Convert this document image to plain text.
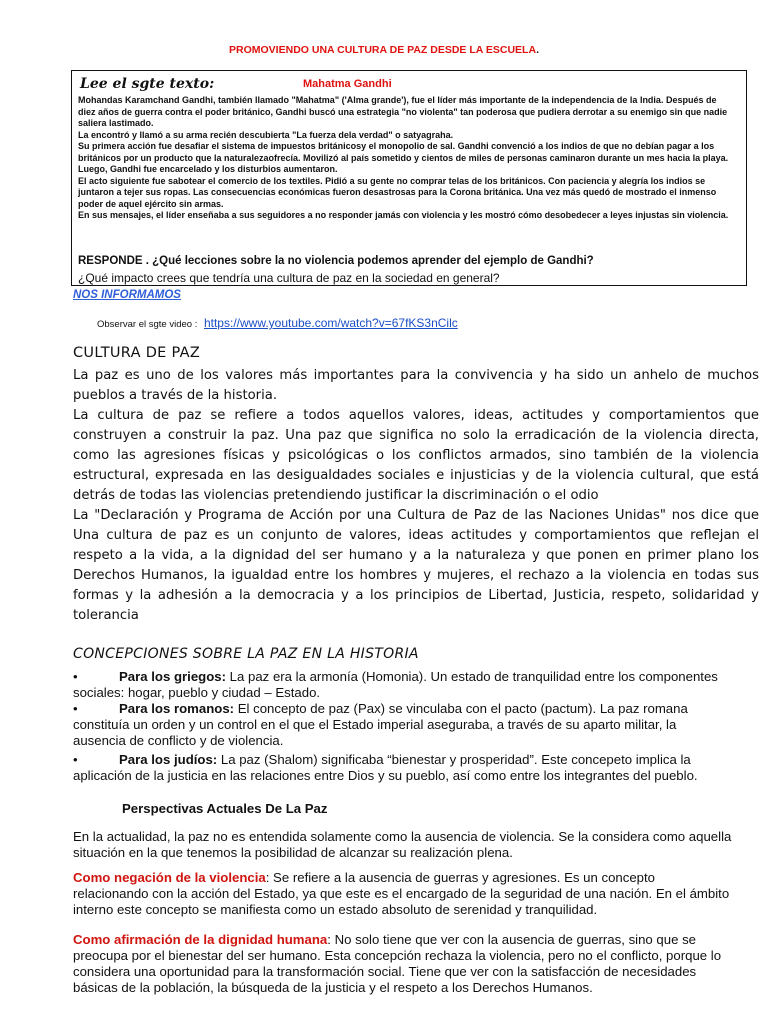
PROMOVIENDO UNA CULTURA DE PAZ DESDE LA ESCUELA.
Lee el sgte texto:	Mahatma Gandhi

Mohandas Karamchand Gandhi, también llamado "Mahatma" ('Alma grande'), fue el líder más importante de la independencia de la India. Después de diez años de guerra contra el poder británico, Gandhi buscó una estrategia "no violenta" tan poderosa que pudiera derrotar a su enemigo sin que nadie saliera lastimado.

La encontró y llamó a su arma recién descubierta "La fuerza dela verdad" o satyagraha.

Su primera acción fue desafiar el sistema de impuestos británicosy el monopolio de sal. Gandhi convenció a los indios de que no debían pagar a los británicos por un producto que la naturalezaofrecía. Movilizó al país sometido y cientos de miles de personas caminaron durante un mes hacia la playa. Luego, Gandhi fue encarcelado y los disturbios aumentaron.

El acto siguiente fue sabotear el comercio de los textiles. Pidió a su gente no comprar telas de los británicos. Con paciencia y alegría los indios se juntaron a tejer sus ropas. Las consecuencias económicas fueron desastrosas para la Corona británica. Una vez más quedó de mostrado el inmenso poder de aquel ejército sin armas.

En sus mensajes, el líder enseñaba a sus seguidores a no responder jamás con violencia y les mostró cómo desobedecer a leyes injustas sin violencia.

RESPONDE . ¿Qué lecciones sobre la no violencia podemos aprender del ejemplo de Gandhi?
¿Qué impacto crees que tendría una cultura de paz en la sociedad en general?
NOS INFORMAMOS
Observar el sgte video : https://www.youtube.com/watch?v=67fKS3nCilc
CULTURA DE PAZ

La paz es uno de los valores más importantes para la convivencia y ha sido un anhelo de muchos pueblos a través de la historia.

La cultura de paz se refiere a todos aquellos valores, ideas, actitudes y comportamientos que construyen a construir la paz. Una paz que significa no solo la erradicación de la violencia directa, como las agresiones físicas y psicológicas o los conflictos armados, sino también de la violencia estructural, expresada en las desigualdades sociales e injusticias y de la violencia cultural, que está detrás de todas las violencias pretendiendo justificar la discriminación o el odio

La "Declaración y Programa de Acción por una Cultura de Paz de las Naciones Unidas" nos dice que Una cultura de paz es un conjunto de valores, ideas actitudes y comportamientos que reflejan el respeto a la vida, a la dignidad del ser humano y a la naturaleza y que ponen en primer plano los Derechos Humanos, la igualdad entre los hombres y mujeres, el rechazo a la violencia en todas sus formas y la adhesión a la democracia y a los principios de Libertad, Justicia, respeto, solidaridad y tolerancia

CONCEPCIONES SOBRE LA PAZ EN LA HISTORIA
•	Para los griegos: La paz era la armonía (Homonia). Un estado de tranquilidad entre los componentes sociales: hogar, pueblo y ciudad – Estado.
•	Para los romanos: El concepto de paz (Pax) se vinculaba con el pacto (pactum). La paz romana constituía un orden y un control en el que el Estado imperial aseguraba, a través de su aparto militar, la ausencia de conflicto y de violencia.
•	Para los judíos: La paz (Shalom) significaba “bienestar y prosperidad”. Este concepeto implica la aplicación de la justicia en las relaciones entre Dios y su pueblo, así como entre los integrantes del pueblo.
Perspectivas Actuales De La Paz
En la actualidad, la paz no es entendida solamente como la ausencia de violencia. Se la considera como aquella situación en la que tenemos la posibilidad de alcanzar su realización plena.
Como negación de la violencia: Se refiere a la ausencia de guerras y agresiones. Es un concepto relacionando con la acción del Estado, ya que este es el encargado de la seguridad de una nación. En el ámbito interno este concepto se manifiesta como un estado absoluto de serenidad y tranquilidad.
Como afirmación de la dignidad humana: No solo tiene que ver con la ausencia de guerras, sino que se preocupa por el bienestar del ser humano. Esta concepción rechaza la violencia, pero no el conflicto, porque lo considera una oportunidad para la transformación social. Tiene que ver con la satisfacción de necesidades básicas de la población, la búsqueda de la justicia y el respeto a los Derechos Humanos.
